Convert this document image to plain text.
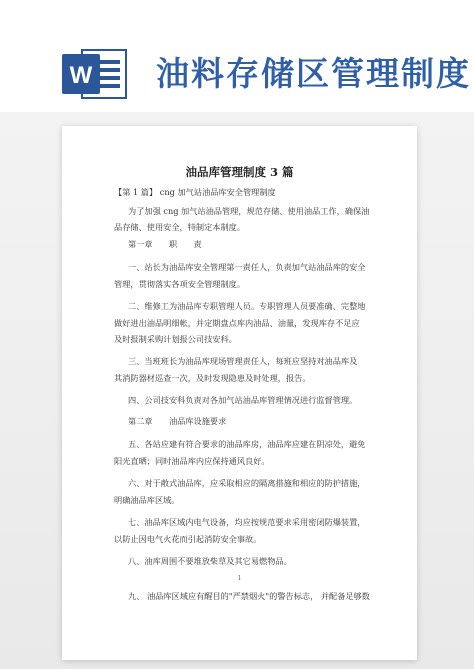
W 油料存储区管理制度
油品库管理制度 3 篇
【第 1 篇】 cng 加气站油品库安全管理制度
为了加强 cng 加气站油品管理，规范存储、使用油品工作，确保油
品存储、使用安全，特制定本制度。
第一章　　职　　责
一、站长为油品库安全管理第一责任人，负责加气站油品库的安全
管理，贯彻落实各项安全管理制度。
二、维修工为油品库专职管理人员。专职管理人员要准确、完整地
做好进出油品明细帐，并定期盘点库内油品、油量，发现库存不足应
及时报制采购计划报公司技安科。
三、当班班长为油品库现场管理责任人，每班应坚持对油品库及
其消防器材巡查一次，及时发现隐患及时处理，报告。
四、公司技安科负责对各加气站油品库管理情况进行监督管理。
第二章　　油品库设施要求
五、各站应建有符合要求的油品库房，油品库应建在阴凉处，避免
阳光直晒；同时油品库内应保持通风良好。
六、对于敞式油品库，应采取相应的隔离措施和相应的防护措施，
明确油品库区域。
七、油品库区域内电气设备，均应按规范要求采用密闭防爆装置，
以防止因电气火花而引起消防安全事故。
八、油库周围不要堆放柴草及其它易燃物品。
九、 油品库区域应有醒目的"严禁烟火"的警告标志， 并配备足够数
1
